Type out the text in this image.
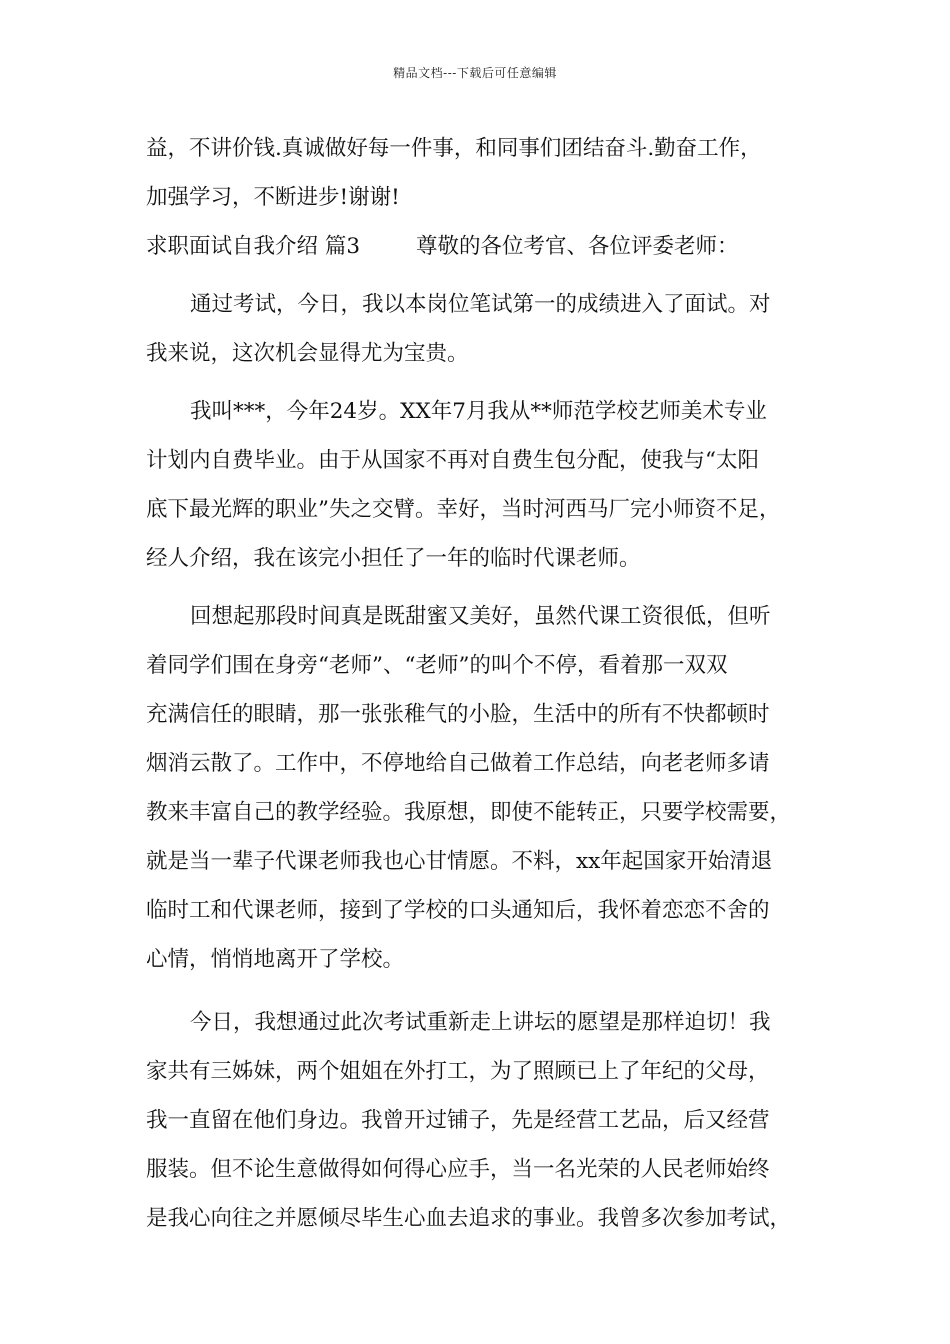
精品文档---下载后可任意编辑
益，不讲价钱.真诚做好每一件事，和同事们团结奋斗.勤奋工作，
加强学习，不断进步!谢谢!
求职面试自我介绍 篇3	尊敬的各位考官、各位评委老师：
通过考试，今日，我以本岗位笔试第一的成绩进入了面试。对
我来说，这次机会显得尤为宝贵。
我叫***，今年24岁。XX年7月我从**师范学校艺师美术专业
计划内自费毕业。由于从国家不再对自费生包分配，使我与“太阳
底下最光辉的职业”失之交臂。幸好，当时河西马厂完小师资不足，
经人介绍，我在该完小担任了一年的临时代课老师。
回想起那段时间真是既甜蜜又美好，虽然代课工资很低，但听
着同学们围在身旁“老师”、“老师”的叫个不停，看着那一双双
充满信任的眼睛，那一张张稚气的小脸，生活中的所有不快都顿时
烟消云散了。工作中，不停地给自己做着工作总结，向老老师多请
教来丰富自己的教学经验。我原想，即使不能转正，只要学校需要，
就是当一辈子代课老师我也心甘情愿。不料，xx年起国家开始清退
临时工和代课老师，接到了学校的口头通知后，我怀着恋恋不舍的
心情，悄悄地离开了学校。
今日，我想通过此次考试重新走上讲坛的愿望是那样迫切！我
家共有三姊妹，两个姐姐在外打工，为了照顾已上了年纪的父母，
我一直留在他们身边。我曾开过铺子，先是经营工艺品，后又经营
服装。但不论生意做得如何得心应手，当一名光荣的人民老师始终
是我心向往之并愿倾尽毕生心血去追求的事业。我曾多次参加考试，
